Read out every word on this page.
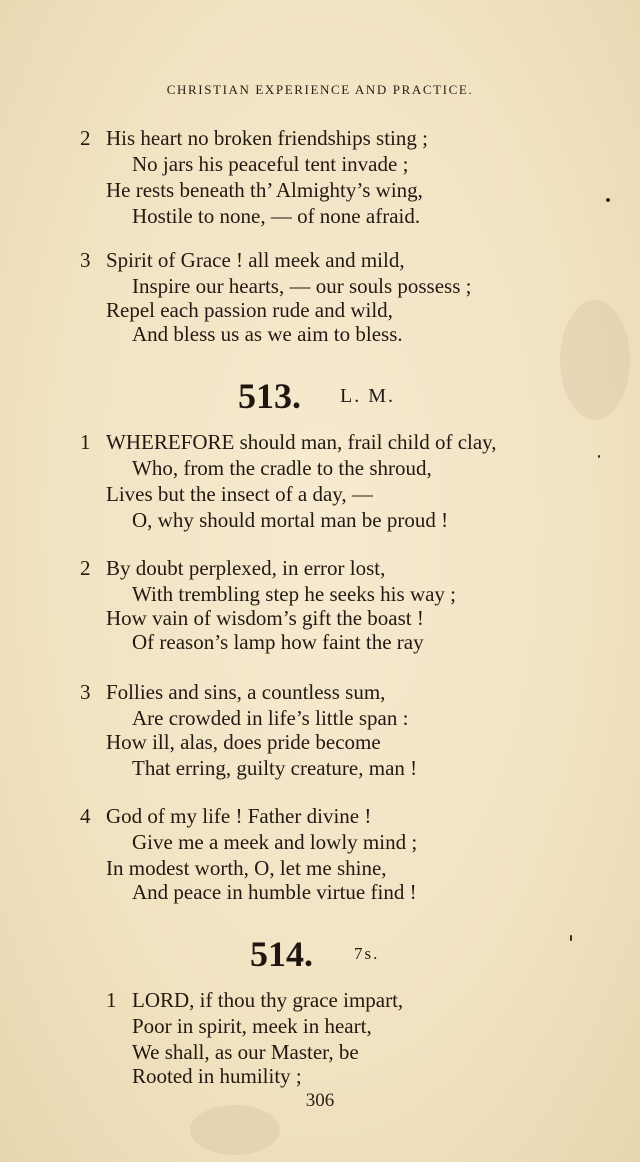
CHRISTIAN EXPERIENCE AND PRACTICE.
2 His heart no broken friendships sting ;
No jars his peaceful tent invade ;
He rests beneath th’ Almighty’s wing,
Hostile to none, — of none afraid.
3 Spirit of Grace ! all meek and mild,
Inspire our hearts, — our souls possess ;
Repel each passion rude and wild,
And bless us as we aim to bless.
513. L. M.
1 WHEREFORE should man, frail child of clay,
Who, from the cradle to the shroud,
Lives but the insect of a day, —
O, why should mortal man be proud !
2 By doubt perplexed, in error lost,
With trembling step he seeks his way ;
How vain of wisdom’s gift the boast !
Of reason’s lamp how faint the ray
3 Follies and sins, a countless sum,
Are crowded in life’s little span :
How ill, alas, does pride become
That erring, guilty creature, man !
4 God of my life ! Father divine !
Give me a meek and lowly mind ;
In modest worth, O, let me shine,
And peace in humble virtue find !
514. 7s.
1 LORD, if thou thy grace impart,
Poor in spirit, meek in heart,
We shall, as our Master, be
Rooted in humility ;
306
